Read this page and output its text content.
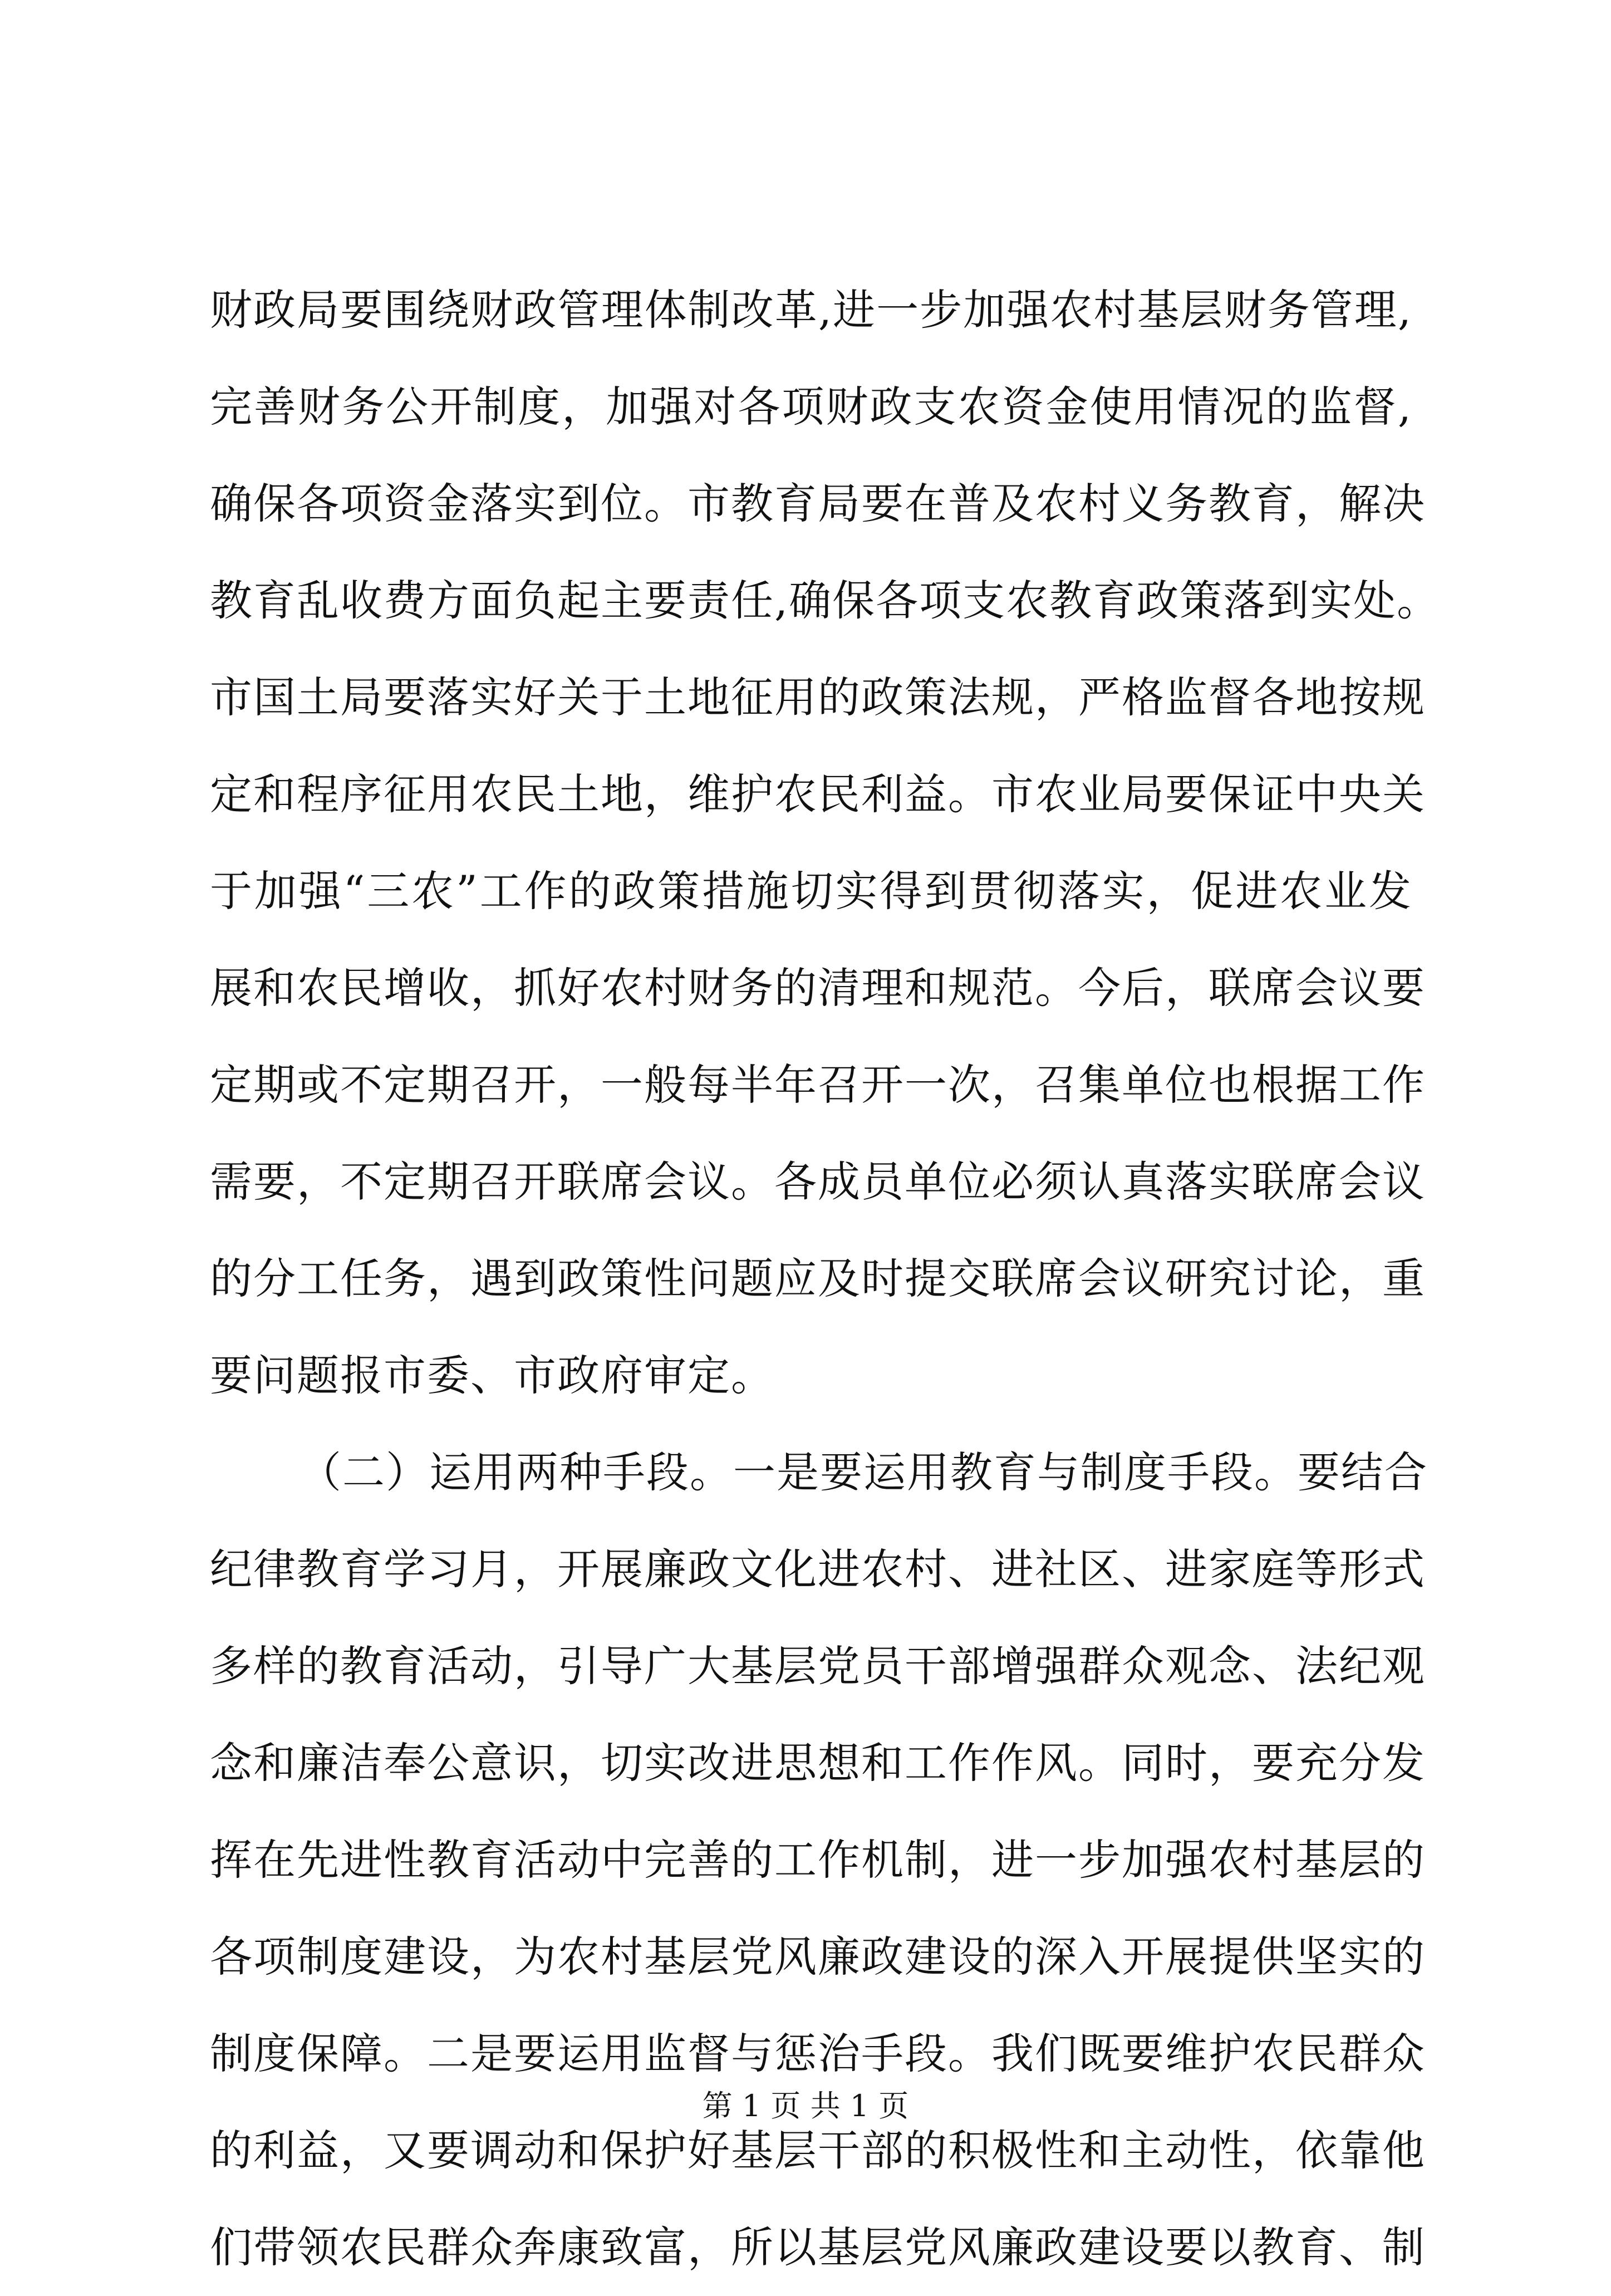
财政局要围绕财政管理体制改革,进一步加强农村基层财务管理,
完善财务公开制度，加强对各项财政支农资金使用情况的监督,
确保各项资金落实到位。市教育局要在普及农村义务教育，解决
教育乱收费方面负起主要责任,确保各项支农教育政策落到实处。
市国土局要落实好关于土地征用的政策法规，严格监督各地按规
定和程序征用农民土地，维护农民利益。市农业局要保证中央关
于加强“三农”工作的政策措施切实得到贯彻落实，促进农业发
展和农民增收，抓好农村财务的清理和规范。今后，联席会议要
定期或不定期召开，一般每半年召开一次，召集单位也根据工作
需要，不定期召开联席会议。各成员单位必须认真落实联席会议
的分工任务，遇到政策性问题应及时提交联席会议研究讨论，重
要问题报市委、市政府审定。
（二）运用两种手段。一是要运用教育与制度手段。要结合
纪律教育学习月，开展廉政文化进农村、进社区、进家庭等形式
多样的教育活动，引导广大基层党员干部增强群众观念、法纪观
念和廉洁奉公意识，切实改进思想和工作作风。同时，要充分发
挥在先进性教育活动中完善的工作机制，进一步加强农村基层的
各项制度建设，为农村基层党风廉政建设的深入开展提供坚实的
制度保障。二是要运用监督与惩治手段。我们既要维护农民群众
的利益，又要调动和保护好基层干部的积极性和主动性，依靠他
们带领农民群众奔康致富，所以基层党风廉政建设要以教育、制
第 1 页 共 1 页
